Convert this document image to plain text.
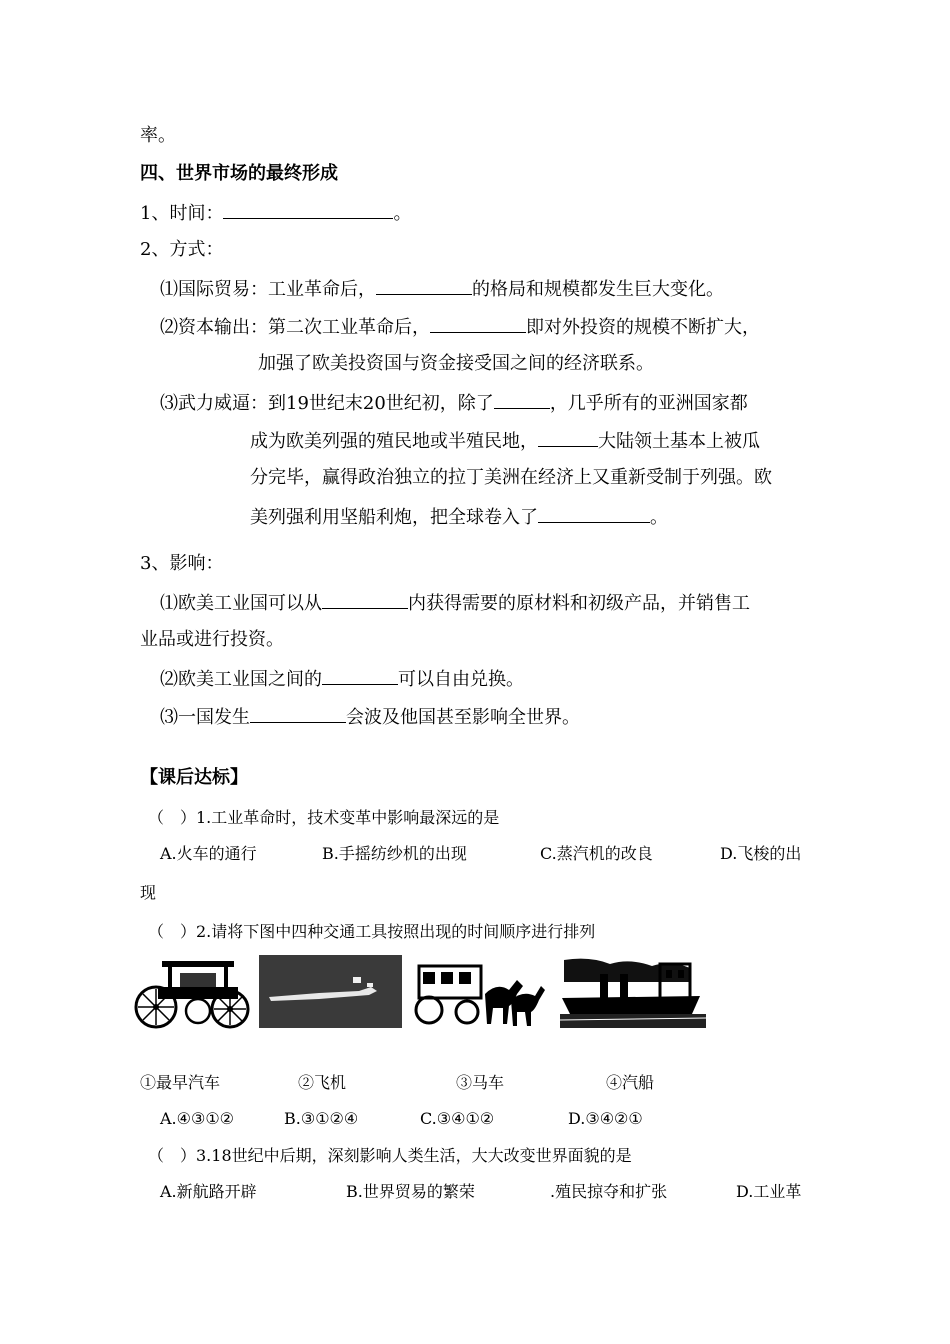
率。
四、世界市场的最终形成
1、时间：	。
2、方式：
⑴国际贸易：工业革命后，	的格局和规模都发生巨大变化。
⑵资本输出：第二次工业革命后，	即对外投资的规模不断扩大，
加强了欧美投资国与资金接受国之间的经济联系。
⑶武力威逼：到19世纪末20世纪初，除了	，几乎所有的亚洲国家都
成为欧美列强的殖民地或半殖民地，	大陆领土基本上被瓜
分完毕，赢得政治独立的拉丁美洲在经济上又重新受制于列强。欧
美列强利用坚船利炮，把全球卷入了	。
3、影响：
⑴欧美工业国可以从	内获得需要的原材料和初级产品，并销售工
业品或进行投资。
⑵欧美工业国之间的	可以自由兑换。
⑶一国发生	会波及他国甚至影响全世界。
【课后达标】
（　）1.工业革命时，技术变革中影响最深远的是
A.火车的通行	B.手摇纺纱机的出现	C.蒸汽机的改良	D.飞梭的出
现
（　）2.请将下图中四种交通工具按照出现的时间顺序进行排列
①最早汽车	②飞机	③马车	④汽船
A.④③①②	B.③①②④	C.③④①②	D.③④②①
（　）3.18世纪中后期，深刻影响人类生活，大大改变世界面貌的是
A.新航路开辟	B.世界贸易的繁荣	.殖民掠夺和扩张	D.工业革
